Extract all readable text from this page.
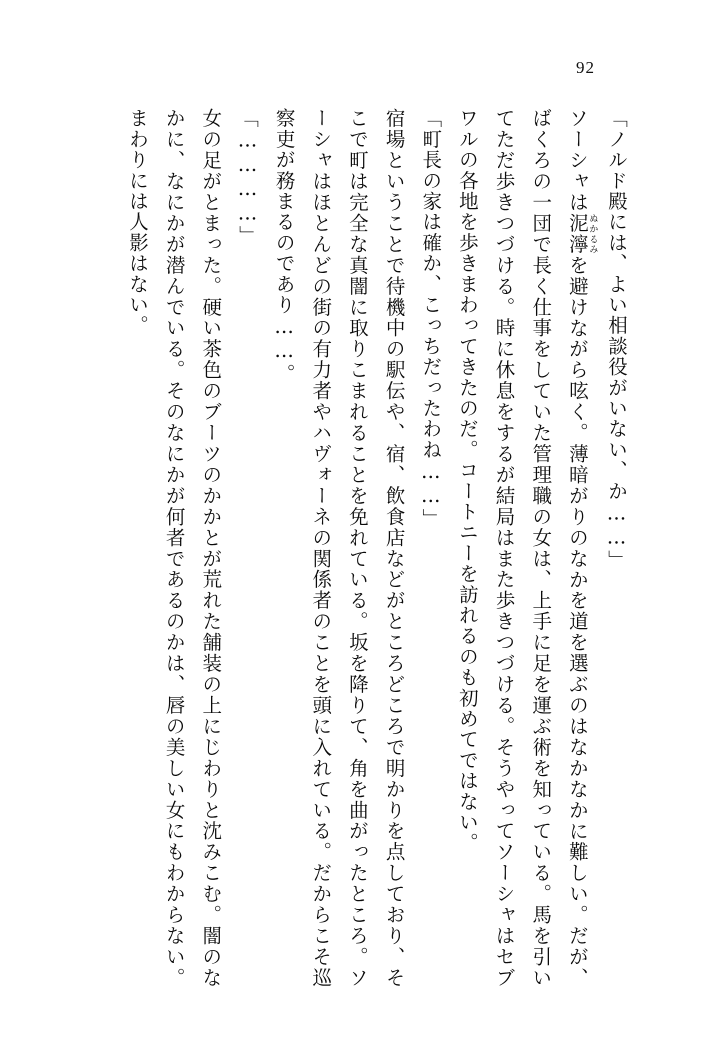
92

「ノルド殿には、よい相談役がいない、か……」

ソーシャは泥濘ぬかるみを避けながら呟く。薄暗がりのなかを道を選ぶのはなかなかに難しい。だが、ばくろの一団で長く仕事をしていた管理職の女は、上手に足を運ぶ術を知っている。馬を引いてただ歩きつづける。時に休息をするが結局はまた歩きつづける。そうやってソーシャはセブワルの各地を歩きまわってきたのだ。コートニーを訪れるのも初めてではない。

「町長の家は確か、こっちだったわね……」

宿場ということで待機中の駅伝や、宿、飲食店などがところどころで明かりを点しており、そこで町は完全な真闇に取りこまれることを免れている。坂を降りて、角を曲がったところ。ソーシャはほとんどの街の有力者やハヴォーネの関係者のことを頭に入れている。だからこそ巡察吏が務まるのであり……。

「…………」

女の足がとまった。硬い茶色のブーツのかかとが荒れた舗装の上にじわりと沈みこむ。闇のなかに、なにかが潜んでいる。そのなにかが何者であるのかは、唇の美しい女にもわからない。まわりには人影はない。
